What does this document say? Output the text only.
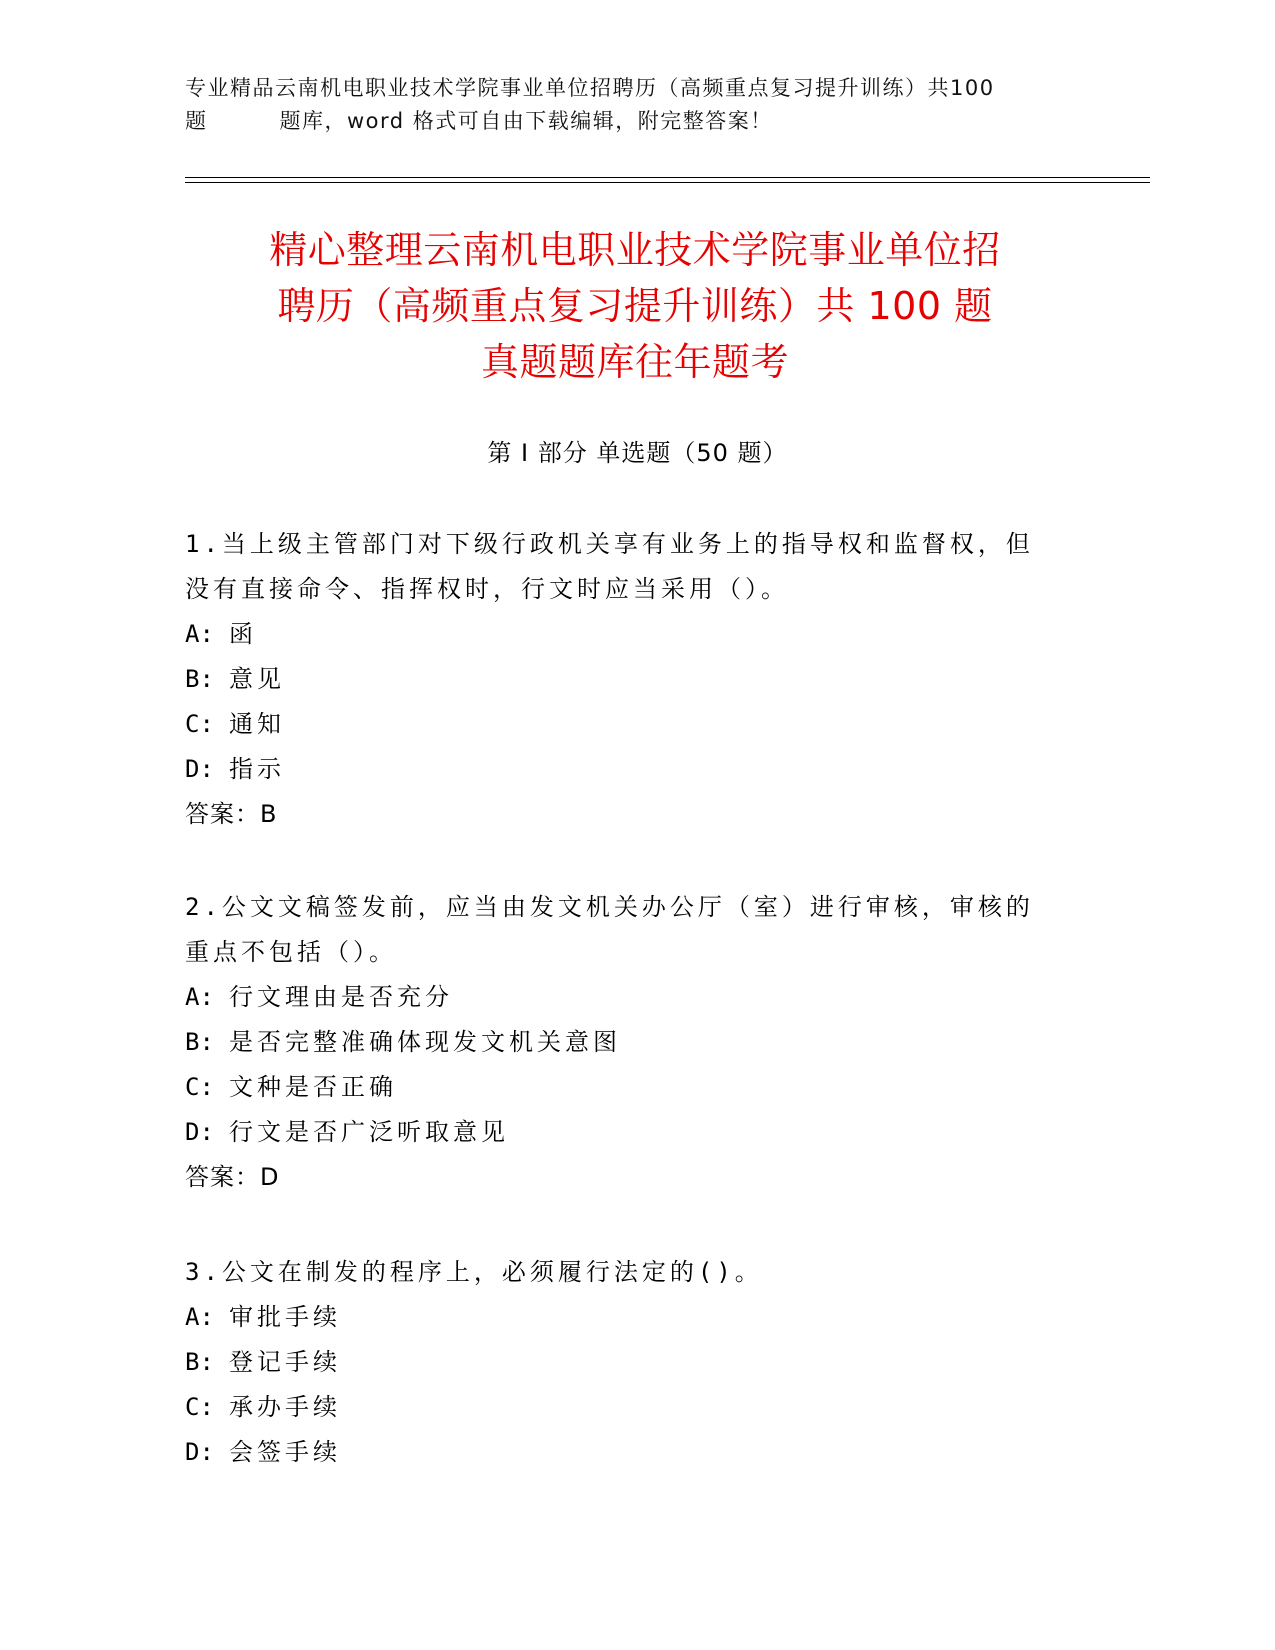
专业精品云南机电职业技术学院事业单位招聘历（高频重点复习提升训练）共100
题	题库，word 格式可自由下载编辑，附完整答案！
精心整理云南机电职业技术学院事业单位招
聘历（高频重点复习提升训练）共 100 题
真题题库往年题考
第 I 部分 单选题（50 题）
1.当上级主管部门对下级行政机关享有业务上的指导权和监督权，但
没有直接命令、指挥权时，行文时应当采用（）。
A: 函
B: 意见
C: 通知
D: 指示
答案：B
2.公文文稿签发前，应当由发文机关办公厅（室）进行审核，审核的
重点不包括（）。
A: 行文理由是否充分
B: 是否完整准确体现发文机关意图
C: 文种是否正确
D: 行文是否广泛听取意见
答案：D
3.公文在制发的程序上，必须履行法定的()。
A: 审批手续
B: 登记手续
C: 承办手续
D: 会签手续
